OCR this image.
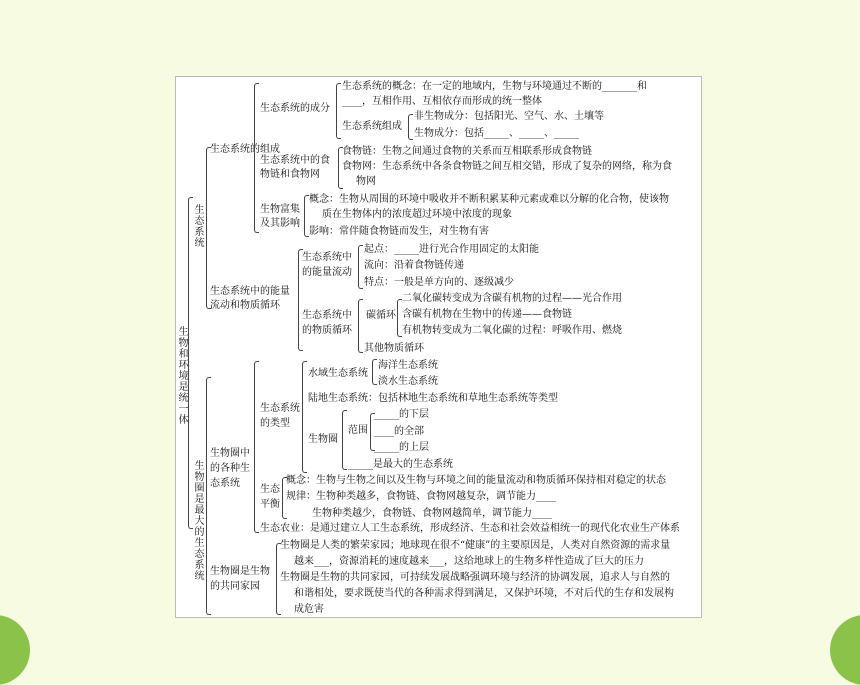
生物和环境是统一体
生态系统
生态系统的组成
生态系统的成分
生态系统的概念：在一定的地域内，生物与环境通过不断的_______和
____，互相作用、互相依存而形成的统一整体
生态系统组成
非生物成分：包括阳光、空气、水、土壤等
生物成分：包括_____、_____、_____
生态系统中的食
物链和食物网
食物链：生物之间通过食物的关系而互相联系形成食物链
食物网：生态系统中各条食物链之间互相交错，形成了复杂的网络，称为食
物网
生物富集
及其影响
概念：生物从周围的环境中吸收并不断积累某种元素或难以分解的化合物，使该物
质在生物体内的浓度超过环境中浓度的现象
影响：常伴随食物链而发生，对生物有害
生态系统中的能量
流动和物质循环
生态系统中
的能量流动
起点：_____进行光合作用固定的太阳能
流向：沿着食物链传递
特点：一般是单方向的、逐级减少
生态系统中
的物质循环
碳循环
二氧化碳转变成为含碳有机物的过程——光合作用
含碳有机物在生物中的传递——食物链
有机物转变成为二氧化碳的过程：呼吸作用、燃烧
其他物质循环
生物圈是最大的生态系统
生物圈中
的各种生
态系统
生态系统
的类型
水域生态系统
海洋生态系统
淡水生态系统
陆地生态系统：包括林地生态系统和草地生态系统等类型
生物圈
范围
_____的下层
____的全部
_____的上层
_____是最大的生态系统
生态
平衡
概念：生物与生物之间以及生物与环境之间的能量流动和物质循环保持相对稳定的状态
规律：生物种类越多，食物链、食物网越复杂，调节能力____
生物种类越少，食物链、食物网越简单，调节能力____
生态农业：是通过建立人工生态系统，形成经济、生态和社会效益相统一的现代化农业生产体系
生物圈是生物
的共同家园
生物圈是人类的繁荣家园；地球现在很不“健康”的主要原因是，人类对自然资源的需求量
越来___，资源消耗的速度越来___，这给地球上的生物多样性造成了巨大的压力
生物圈是生物的共同家园，可持续发展战略强调环境与经济的协调发展，追求人与自然的
和谐相处，要求既使当代的各种需求得到满足，又保护环境，不对后代的生存和发展构
成危害
